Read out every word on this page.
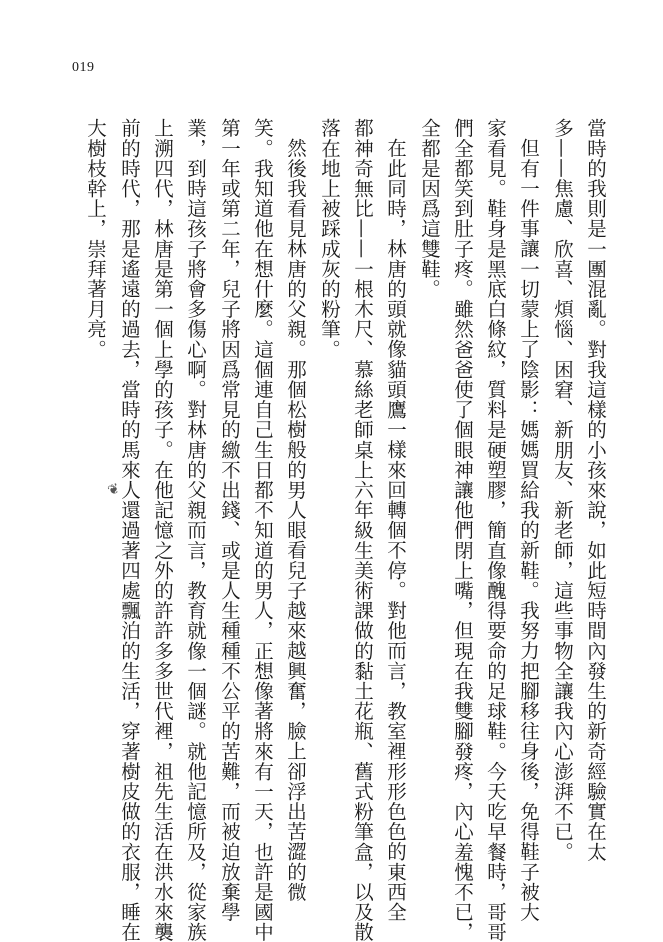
019
❦	當時的我則是一團混亂。對我這樣的小孩來說，如此短時間內發生的新奇經驗實在太
多——焦慮、欣喜、煩惱、困窘、新朋友、新老師，這些事物全讓我內心澎湃不已。
但有一件事讓一切蒙上了陰影：媽媽買給我的新鞋。我努力把腳移往身後，免得鞋子被大
家看見。鞋身是黑底白條紋，質料是硬塑膠，簡直像醜得要命的足球鞋。今天吃早餐時，哥哥
們全都笑到肚子疼。雖然爸爸使了個眼神讓他們閉上嘴，但現在我雙腳發疼，內心羞愧不已，
全都是因爲這雙鞋。
在此同時，林唐的頭就像貓頭鷹一樣來回轉個不停。對他而言，教室裡形形色色的東西全
都神奇無比——一根木尺、慕絲老師桌上六年級生美術課做的黏土花瓶、舊式粉筆盒，以及散
落在地上被踩成灰的粉筆。
然後我看見林唐的父親。那個松樹般的男人眼看兒子越來越興奮，臉上卻浮出苦澀的微
笑。我知道他在想什麼。這個連自己生日都不知道的男人，正想像著將來有一天，也許是國中
第一年或第二年，兒子將因爲常見的繳不出錢、或是人生種種不公平的苦難，而被迫放棄學
業，到時這孩子將會多傷心啊。對林唐的父親而言，教育就像一個謎。就他記憶所及，從家族
上溯四代，林唐是第一個上學的孩子。在他記憶之外的許許多多世代裡，祖先生活在洪水來襲
前的時代，那是遙遠的過去，當時的馬來人還過著四處飄泊的生活，穿著樹皮做的衣服，睡在
大樹枝幹上，崇拜著月亮。
